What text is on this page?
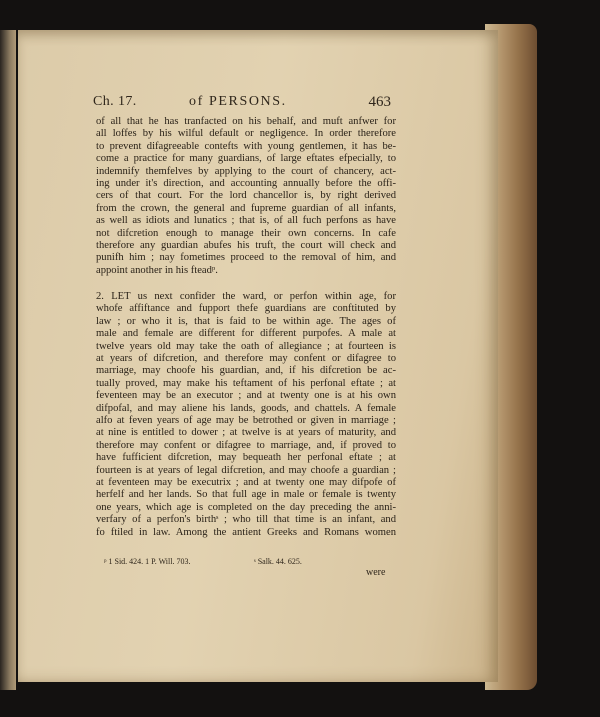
Ch. 17.	of PERSONS.	463
of all that he has tranfacted on his behalf, and muft anfwer for
all loffes by his wilful default or negligence. In order therefore
to prevent difagreeable contefts with young gentlemen, it has be-
come a practice for many guardians, of large eftates efpecially, to
indemnify themfelves by applying to the court of chancery, act-
ing under it's direction, and accounting annually before the offi-
cers of that court. For the lord chancellor is, by right derived
from the crown, the general and fupreme guardian of all infants,
as well as idiots and lunatics ; that is, of all fuch perfons as have
not difcretion enough to manage their own concerns. In cafe
therefore any guardian abufes his truft, the court will check and
punifh him ; nay fometimes proceed to the removal of him, and
appoint another in his fteadᵖ.
2. LET us next confider the ward, or perfon within age, for
whofe affiftance and fupport thefe guardians are conftituted by
law ; or who it is, that is faid to be within age. The ages of
male and female are different for different purpofes. A male at
twelve years old may take the oath of allegiance ; at fourteen is
at years of difcretion, and therefore may confent or difagree to
marriage, may choofe his guardian, and, if his difcretion be ac-
tually proved, may make his teftament of his perfonal eftate ; at
feventeen may be an executor ; and at twenty one is at his own
difpofal, and may aliene his lands, goods, and chattels. A female
alfo at feven years of age may be betrothed or given in marriage ;
at nine is entitled to dower ; at twelve is at years of maturity, and
therefore may confent or difagree to marriage, and, if proved to
have fufficient difcretion, may bequeath her perfonal eftate ; at
fourteen is at years of legal difcretion, and may choofe a guardian ;
at feventeen may be executrix ; and at twenty one may difpofe of
herfelf and her lands. So that full age in male or female is twenty
one years, which age is completed on the day preceding the anni-
verfary of a perfon's birthˢ ; who till that time is an infant, and
fo ftiled in law. Among the antient Greeks and Romans women
ᵖ 1 Sid. 424. 1 P. Will. 703.	ˢ Salk. 44. 625.
were
